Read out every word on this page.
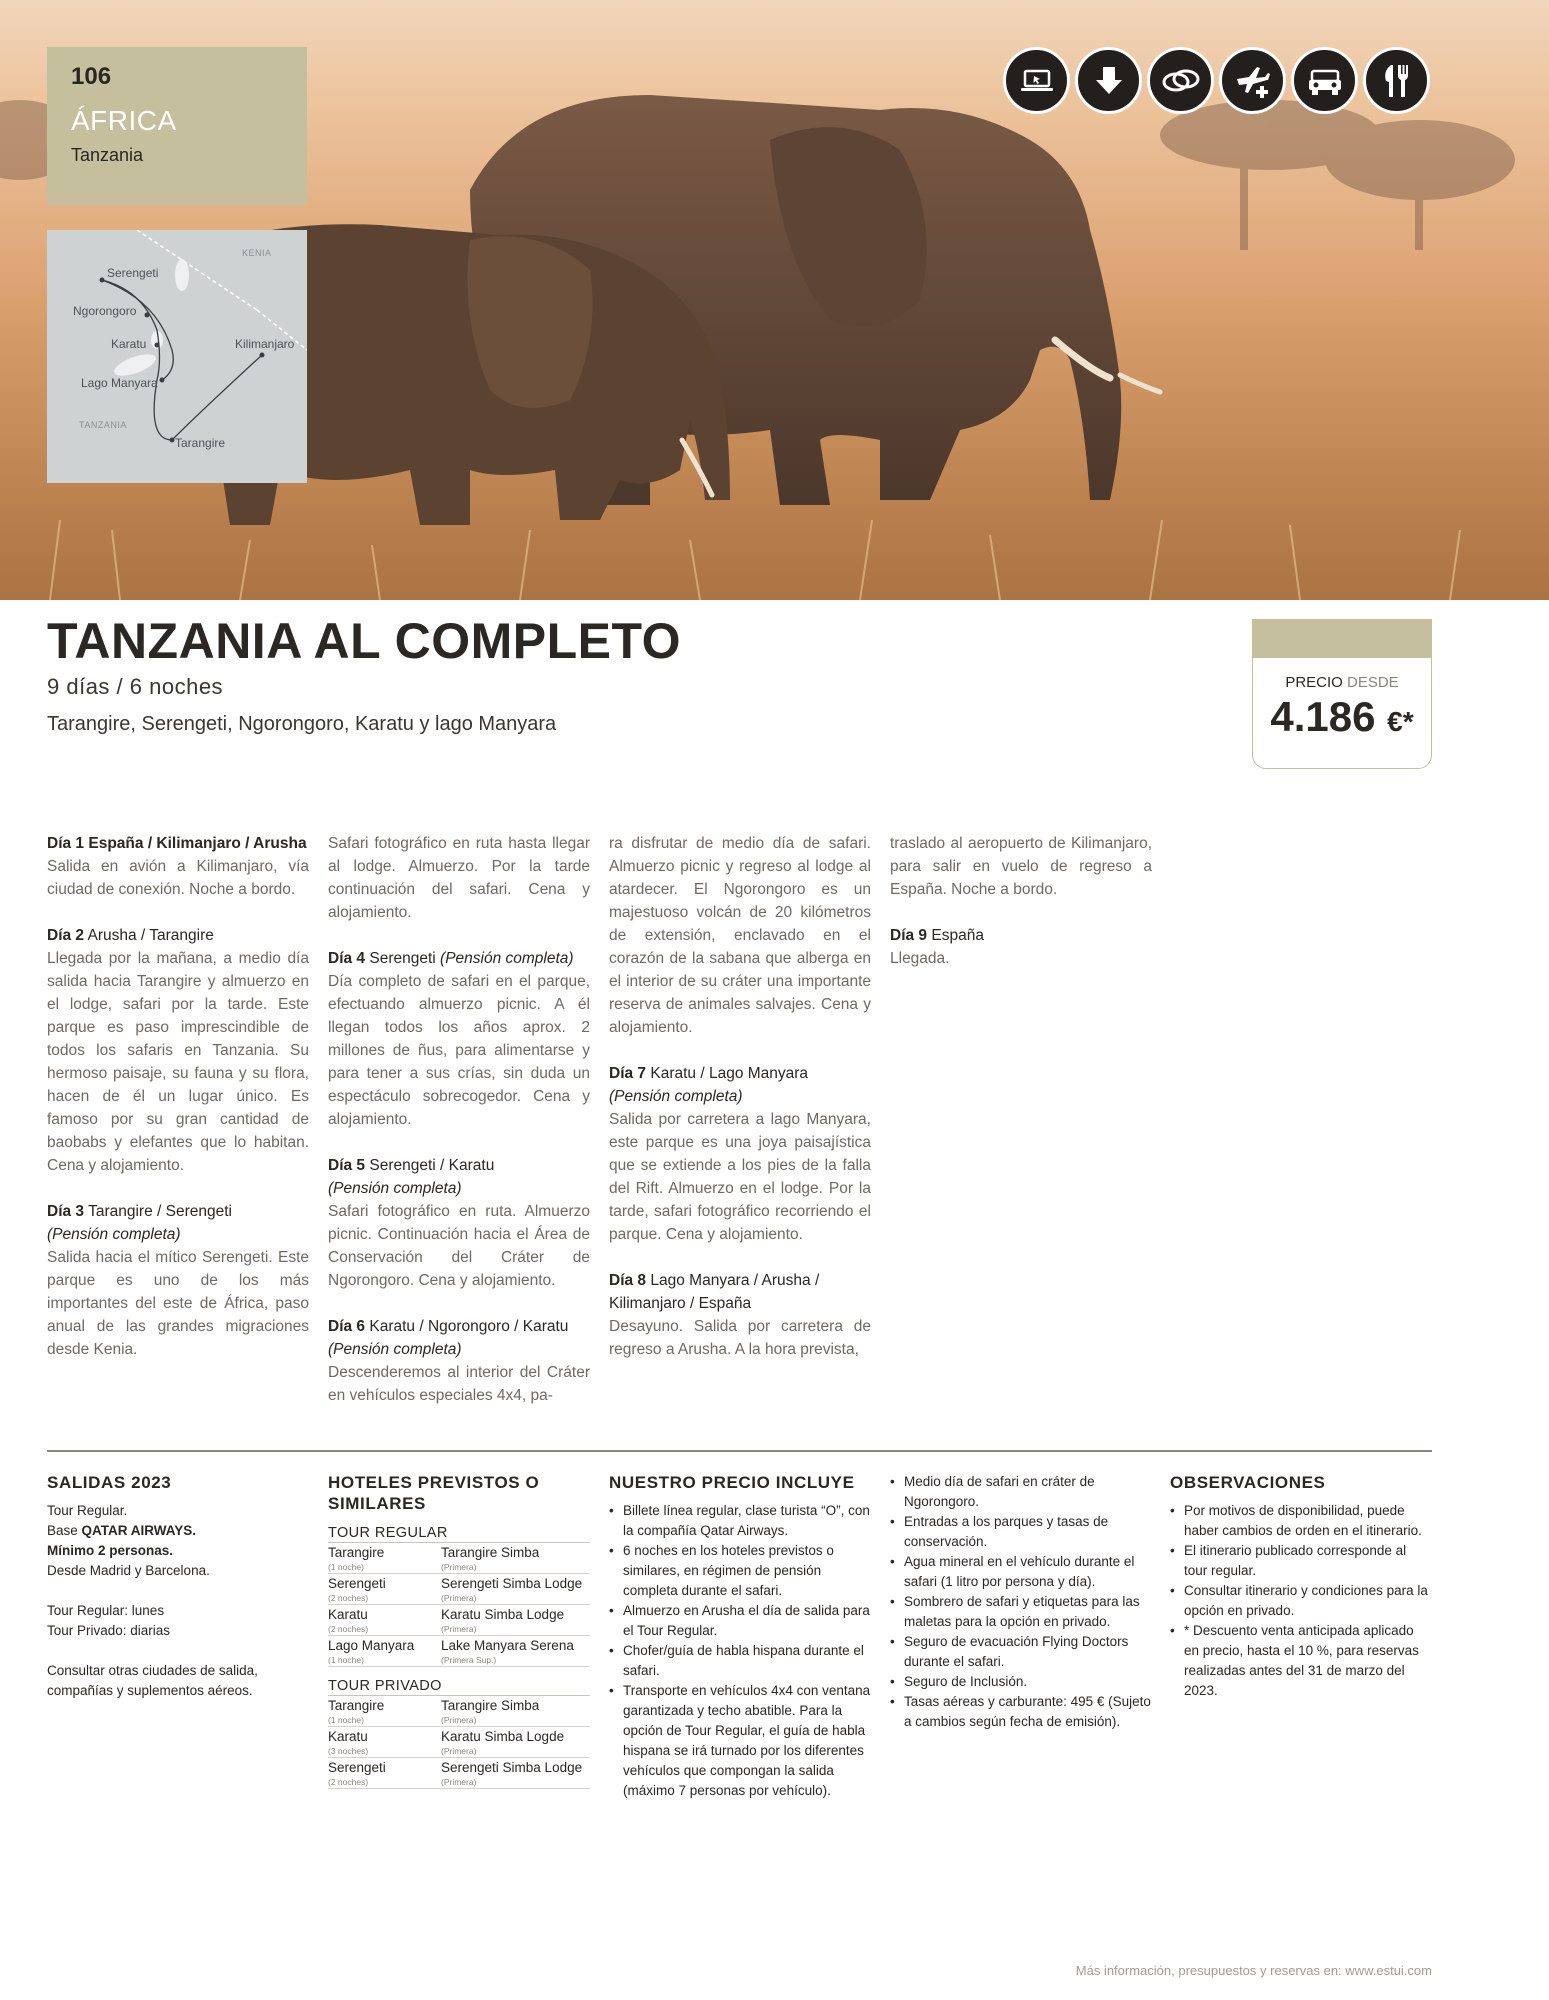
106
ÁFRICA
Tanzania
KENIA
Serengeti
Ngorongoro
Karatu	Kilimanjaro
Lago Manyara
TANZANIA
Tarangire
TANZANIA AL COMPLETO
9 días / 6 noches
Tarangire, Serengeti, Ngorongoro, Karatu y lago Manyara
PRECIO DESDE
4.186 €*
Día 1 España / Kilimanjaro / Arusha
Salida en avión a Kilimanjaro, vía ciudad de conexión. Noche a bordo.
Día 2 Arusha / Tarangire
Llegada por la mañana, a medio día salida hacia Tarangire y almuerzo en el lodge, safari por la tarde. Este parque es paso imprescindible de todos los safaris en Tanzania. Su hermoso paisaje, su fauna y su flora, hacen de él un lugar único. Es famoso por su gran cantidad de baobabs y elefantes que lo habitan. Cena y alojamiento.
Día 3 Tarangire / Serengeti
(Pensión completa)
Salida hacia el mítico Serengeti. Este parque es uno de los más importantes del este de África, paso anual de las grandes migraciones desde Kenia.
Safari fotográfico en ruta hasta llegar al lodge. Almuerzo. Por la tarde continuación del safari. Cena y alojamiento.
Día 4 Serengeti (Pensión completa)
Día completo de safari en el parque, efectuando almuerzo picnic. A él llegan todos los años aprox. 2 millones de ñus, para alimentarse y para tener a sus crías, sin duda un espectáculo sobrecogedor. Cena y alojamiento.
Día 5 Serengeti / Karatu
(Pensión completa)
Safari fotográfico en ruta. Almuerzo picnic. Continuación hacia el Área de Conservación del Cráter de Ngorongoro. Cena y alojamiento.
Día 6 Karatu / Ngorongoro / Karatu (Pensión completa)
Descenderemos al interior del Cráter en vehículos especiales 4x4, pa-
ra disfrutar de medio día de safari. Almuerzo picnic y regreso al lodge al atardecer. El Ngorongoro es un majestuoso volcán de 20 kilómetros de extensión, enclavado en el corazón de la sabana que alberga en el interior de su cráter una importante reserva de animales salvajes. Cena y alojamiento.
Día 7 Karatu / Lago Manyara
(Pensión completa)
Salida por carretera a lago Manyara, este parque es una joya paisajística que se extiende a los pies de la falla del Rift. Almuerzo en el lodge. Por la tarde, safari fotográfico recorriendo el parque. Cena y alojamiento.
Día 8 Lago Manyara / Arusha / Kilimanjaro / España
Desayuno. Salida por carretera de regreso a Arusha. A la hora prevista,
traslado al aeropuerto de Kilimanjaro, para salir en vuelo de regreso a España. Noche a bordo.
Día 9 España
Llegada.
SALIDAS 2023

Tour Regular.

Base QATAR AIRWAYS.

Mínimo 2 personas.

Desde Madrid y Barcelona.

Tour Regular: lunes

Tour Privado: diarias

Consultar otras ciudades de salida, compañías y suplementos aéreos.

HOTELES PREVISTOS O SIMILARES
TOUR REGULAR
Tarangire
(1 noche)
Tarangire Simba
(Primera)
Serengeti
(2 noches)
Serengeti Simba Lodge
(Primera)
Karatu
(2 noches)
Karatu Simba Lodge
(Primera)
Lago Manyara
(1 noche)
Lake Manyara Serena
(Primera Sup.)
TOUR PRIVADO
Tarangire
(1 noche)
Tarangire Simba
(Primera)
Karatu
(3 noches)
Karatu Simba Logde
(Primera)
Serengeti
(2 noches)
Serengeti Simba Lodge
(Primera)
NUESTRO PRECIO INCLUYE
• Billete línea regular, clase turista “O”, con la compañía Qatar Airways.
• 6 noches en los hoteles previstos o similares, en régimen de pensión completa durante el safari.
• Almuerzo en Arusha el día de salida para el Tour Regular.
• Chofer/guía de habla hispana durante el safari.
• Transporte en vehículos 4x4 con ventana garantizada y techo abatible. Para la opción de Tour Regular, el guía de habla hispana se irá turnado por los diferentes vehículos que compongan la salida (máximo 7 personas por vehículo).
• Medio día de safari en cráter de Ngorongoro.
• Entradas a los parques y tasas de conservación.
• Agua mineral en el vehículo durante el safari (1 litro por persona y día).
• Sombrero de safari y etiquetas para las maletas para la opción en privado.
• Seguro de evacuación Flying Doctors durante el safari.
• Seguro de Inclusión.
• Tasas aéreas y carburante: 495 € (Sujeto a cambios según fecha de emisión).
OBSERVACIONES
• Por motivos de disponibilidad, puede haber cambios de orden en el itinerario.
• El itinerario publicado corresponde al tour regular.
• Consultar itinerario y condiciones para la opción en privado.
• * Descuento venta anticipada aplicado en precio, hasta el 10 %, para reservas realizadas antes del 31 de marzo del 2023.
Más información, presupuestos y reservas en: www.estui.com
